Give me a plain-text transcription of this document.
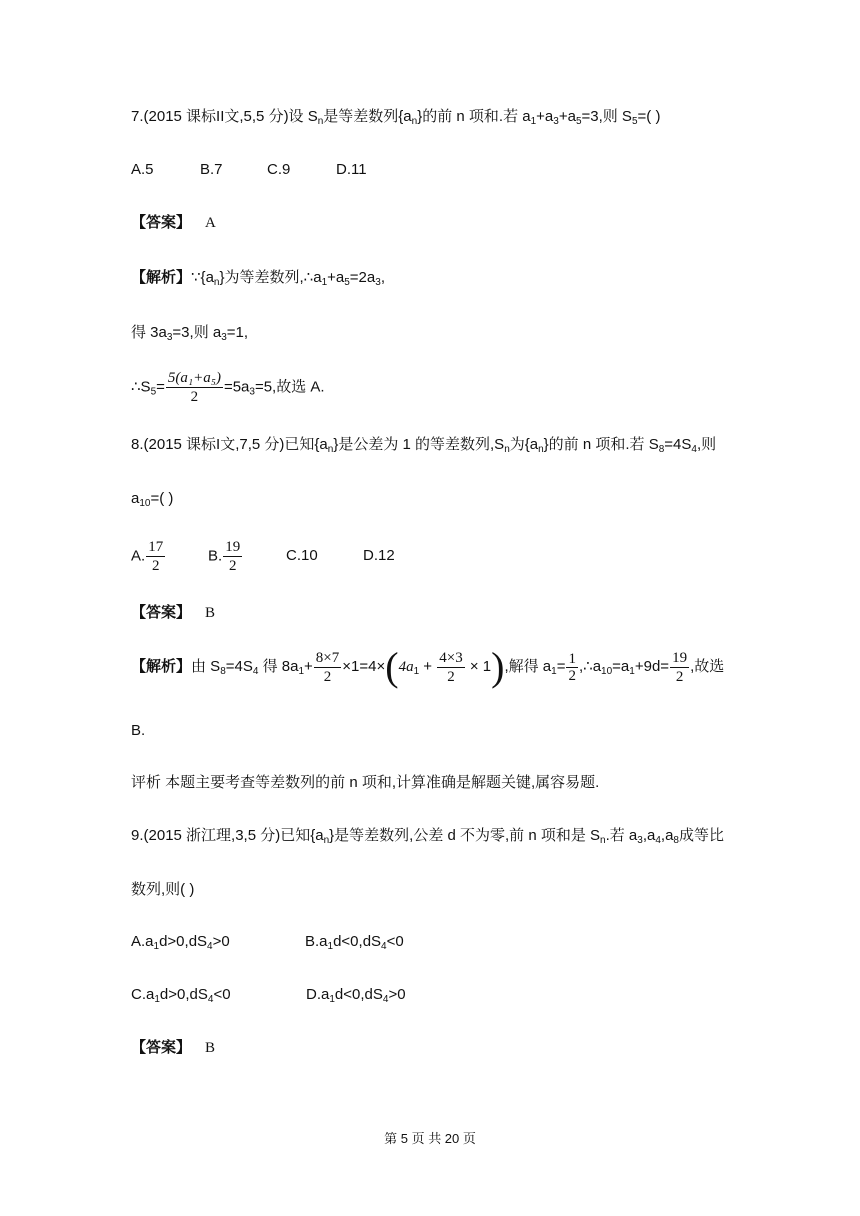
7.(2015 课标II文,5,5 分)设 $S_n$是等差数列$\{a_n\}$的前 n 项和.若 $a_1+a_3+a_5=3$,则 $S_5=$( )
A.5	B.7	C.9	D.11
【答案】 A
【解析】$\because\{a_n\}$为等差数列$,\therefore a_1+a_5=2a_3$,
得 $3a_3=3$,则 $a_3=1$,
$\therefore S_5= \frac{\text{5(a₁+a₅)}}{2} =5a_3=5$,故选 A.
8.(2015 课标I文,7,5 分)已知$\{a_n\}$是公差为 1 的等差数列$,S_n$为$\{a_n\}$的前 n 项和.若 $S_8=4S_4$,则
$a_{10}=$( )
A. $\frac{17}{2}$	B. $\frac{19}{2}$	C.10	D.12
【答案】 B
【解析】由 $S_8=4S_4$ 得 $8a_1+ \frac{8\times 7}{2} \times 1=4\times(4a_1 + \frac{4\times 3}{2} \times 1)$,解得 $a_1= \frac{1}{2}$ $,\therefore a_{10}=a_1+9d= \frac{19}{2}$ ,故选
B.
评析 本题主要考查等差数列的前 n 项和,计算准确是解题关键,属容易题.
9.(2015 浙江理,3,5 分)已知$\{a_n\}$是等差数列,公差 d 不为零,前 n 项和是 $S_n$.若 $a_3,a_4,a_8$成等比
数列,则( )
$A.a_1d>0,dS_4>0$	$B.a_1d<0,dS_4<0$
$C.a_1d>0,dS_4<0$	$D.a_1d<0,dS_4>0$
【答案】 B
第 5 页 共 20 页
